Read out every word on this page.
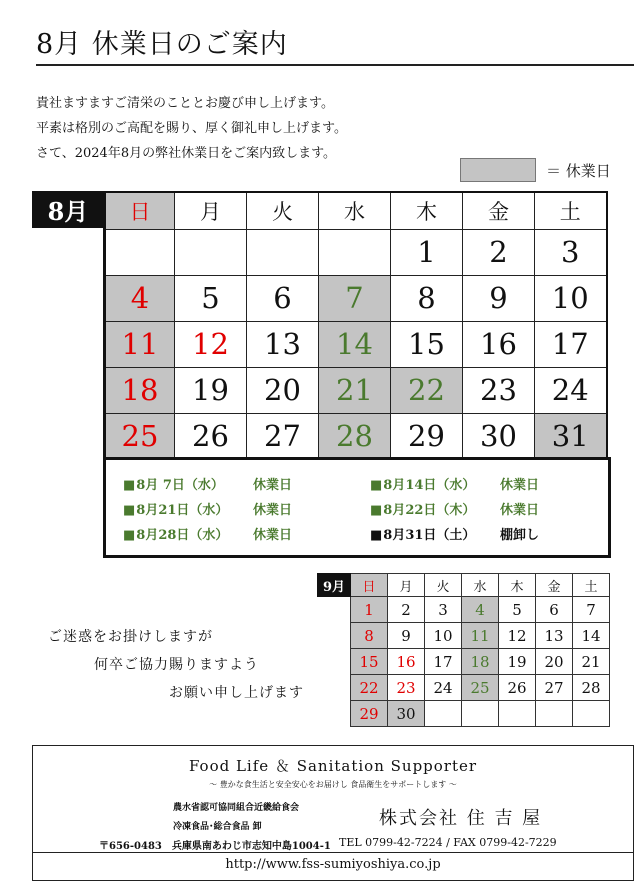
8月 休業日のご案内
貴社ますますご清栄のこととお慶び申し上げます。
平素は格別のご高配を賜り、厚く御礼申し上げます。
さて、2024年8月の弊社休業日をご案内致します。
＝ 休業日
8月	日	月	火	水	木	金	土
				1	2	3
4	5	6	7	8	9	10
11	12	13	14	15	16	17
18	19	20	21	22	23	24
25	26	27	28	29	30	31
■8月 7日（水） 休業日	■8月14日（水） 休業日
■8月21日（水） 休業日	■8月22日（木） 休業日
■8月28日（水） 休業日	■8月31日（土） 棚卸し
9月	日	月	火	水	木	金	土
	1	2	3	4	5	6	7
	8	9	10	11	12	13	14
	15	16	17	18	19	20	21
	22	23	24	25	26	27	28
	29	30					
ご迷惑をお掛けしますが
何卒ご協力賜りますよう
お願い申し上げます
Food Life ＆ Sanitation Supporter
～ 豊かな食生活と安全安心をお届けし 食品衛生をサポートします ～
農水省認可協同組合近畿給食会
冷凍食品･総合食品 卸	株式会社 住 吉 屋
〒656-0483　兵庫県南あわじ市志知中島1004-1 TEL 0799-42-7224 / FAX 0799-42-7229
http://www.fss-sumiyoshiya.co.jp
